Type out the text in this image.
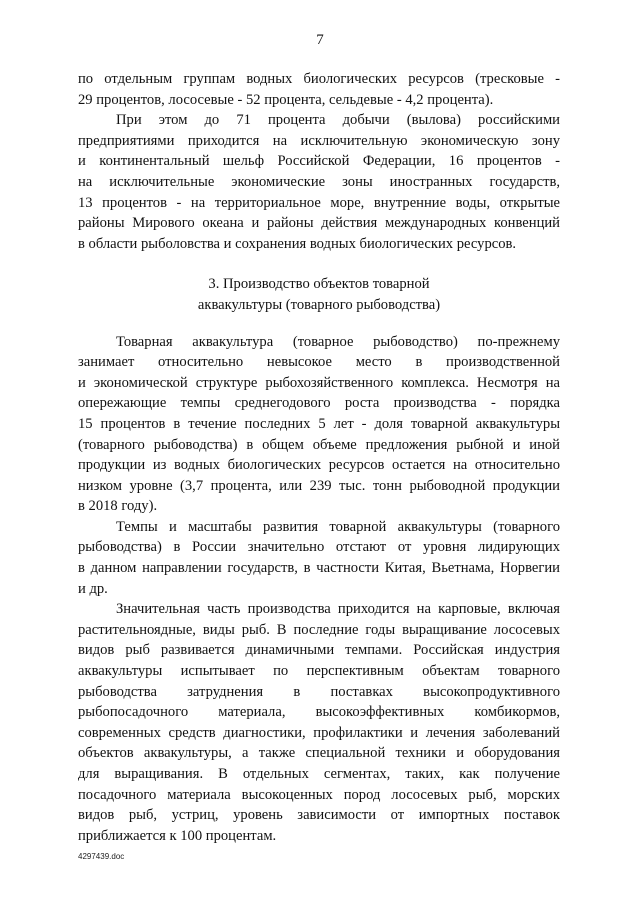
7
по отдельным группам водных биологических ресурсов (тресковые -
29 процентов, лососевые - 52 процента, сельдевые - 4,2 процента).
При этом до 71 процента добычи (вылова) российскими
предприятиями приходится на исключительную экономическую зону
и континентальный шельф Российской Федерации, 16 процентов -
на исключительные экономические зоны иностранных государств,
13 процентов - на территориальное море, внутренние воды, открытые
районы Мирового океана и районы действия международных конвенций
в области рыболовства и сохранения водных биологических ресурсов.
3. Производство объектов товарной
аквакультуры (товарного рыбоводства)
Товарная аквакультура (товарное рыбоводство) по-прежнему
занимает относительно невысокое место в производственной
и экономической структуре рыбохозяйственного комплекса. Несмотря на
опережающие темпы среднегодового роста производства - порядка
15 процентов в течение последних 5 лет - доля товарной аквакультуры
(товарного рыбоводства) в общем объеме предложения рыбной и иной
продукции из водных биологических ресурсов остается на относительно
низком уровне (3,7 процента, или 239 тыс. тонн рыбоводной продукции
в 2018 году).
Темпы и масштабы развития товарной аквакультуры (товарного
рыбоводства) в России значительно отстают от уровня лидирующих
в данном направлении государств, в частности Китая, Вьетнама, Норвегии
и др.
Значительная часть производства приходится на карповые, включая
растительноядные, виды рыб. В последние годы выращивание лососевых
видов рыб развивается динамичными темпами. Российская индустрия
аквакультуры испытывает по перспективным объектам товарного
рыбоводства затруднения в поставках высокопродуктивного
рыбопосадочного материала, высокоэффективных комбикормов,
современных средств диагностики, профилактики и лечения заболеваний
объектов аквакультуры, а также специальной техники и оборудования
для выращивания. В отдельных сегментах, таких, как получение
посадочного материала высокоценных пород лососевых рыб, морских
видов рыб, устриц, уровень зависимости от импортных поставок
приближается к 100 процентам.
4297439.doc
